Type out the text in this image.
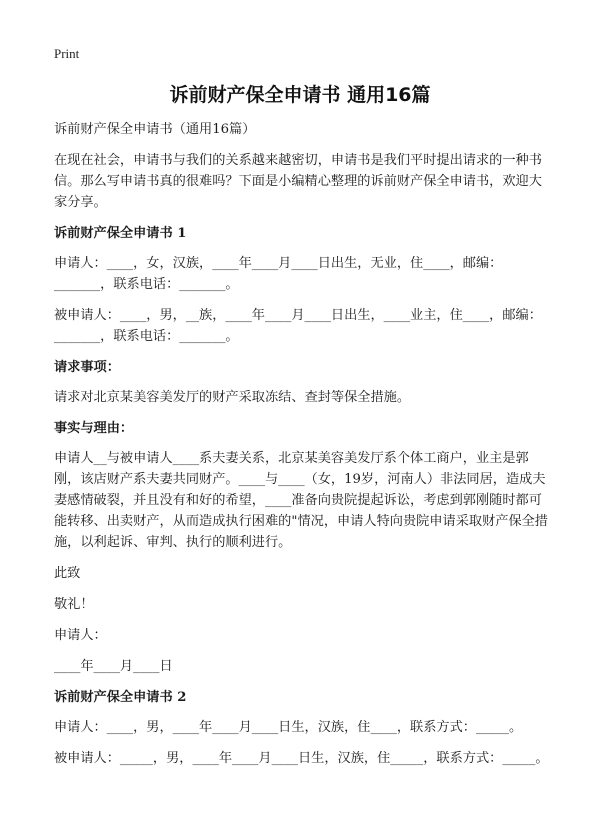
Print
诉前财产保全申请书 通用16篇

诉前财产保全申请书（通用16篇）

在现在社会，申请书与我们的关系越来越密切，申请书是我们平时提出请求的一种书信。那么写申请书真的很难吗？下面是小编精心整理的诉前财产保全申请书，欢迎大家分享。

诉前财产保全申请书 1

申请人：____，女，汉族，____年____月____日出生，无业，住____，邮编：_______，联系电话：_______。

被申请人：____，男，__族，____年____月____日出生，____业主，住____，邮编：_______，联系电话：_______。

请求事项：

请求对北京某美容美发厅的财产采取冻结、查封等保全措施。

事实与理由：

申请人__与被申请人____系夫妻关系，北京某美容美发厅系个体工商户，业主是郭刚，该店财产系夫妻共同财产。____与____（女，19岁，河南人）非法同居，造成夫妻感情破裂，并且没有和好的希望，____准备向贵院提起诉讼，考虑到郭刚随时都可能转移、出卖财产，从而造成执行困难的"情况，申请人特向贵院申请采取财产保全措施，以利起诉、审判、执行的顺利进行。

此致

敬礼！

申请人：

____年____月____日

诉前财产保全申请书 2

申请人：____，男，____年____月____日生，汉族，住____，联系方式：_____。

被申请人：_____，男，____年____月____日生，汉族，住_____，联系方式：_____。
